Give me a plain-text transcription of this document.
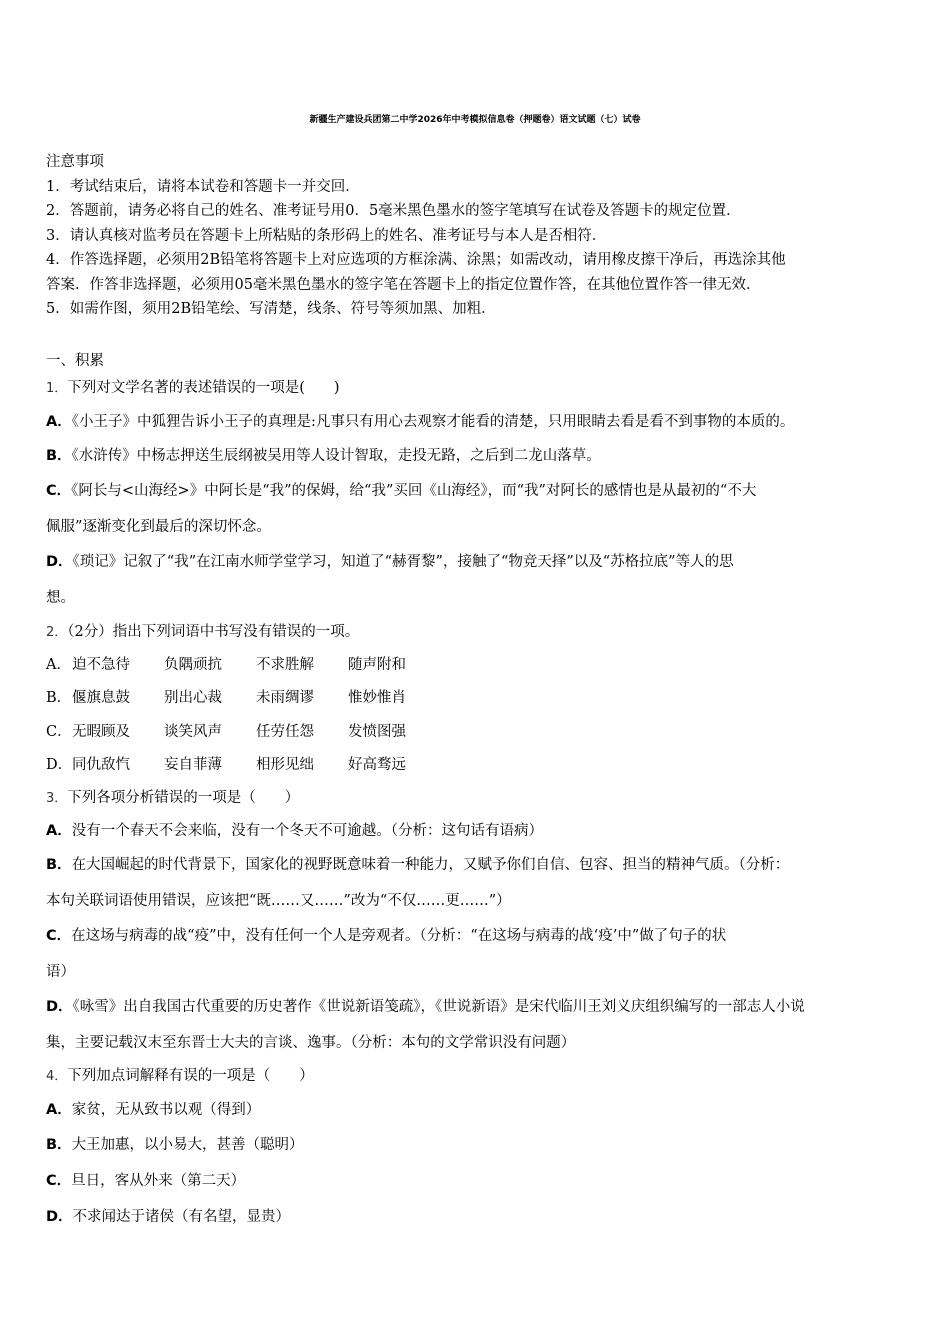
新疆生产建设兵团第二中学2026年中考模拟信息卷（押题卷）语文试题（七）试卷
注意事项
1．考试结束后，请将本试卷和答题卡一并交回．
2．答题前，请务必将自己的姓名、准考证号用0．5毫米黑色墨水的签字笔填写在试卷及答题卡的规定位置．
3．请认真核对监考员在答题卡上所粘贴的条形码上的姓名、准考证号与本人是否相符．
4．作答选择题，必须用2B铅笔将答题卡上对应选项的方框涂满、涂黑；如需改动，请用橡皮擦干净后，再选涂其他
答案．作答非选择题，必须用05毫米黑色墨水的签字笔在答题卡上的指定位置作答，在其他位置作答一律无效．
5．如需作图，须用2B铅笔绘、写清楚，线条、符号等须加黑、加粗．
一、积累
1．下列对文学名著的表述错误的一项是(　　)
A．《小王子》中狐狸告诉小王子的真理是:凡事只有用心去观察才能看的清楚，只用眼睛去看是看不到事物的本质的。
B．《水浒传》中杨志押送生辰纲被吴用等人设计智取，走投无路，之后到二龙山落草。
C．《阿长与<山海经>》中阿长是“我”的保姆，给“我”买回《山海经》，而“我”对阿长的感情也是从最初的“不大
佩服”逐渐变化到最后的深切怀念。
D．《琐记》记叙了“我”在江南水师学堂学习，知道了“赫胥黎”，接触了“物竞天择”以及“苏格拉底”等人的思
想。
2．（2分）指出下列词语中书写没有错误的一项。
A．迫不急待 负隅顽抗 不求胜解 随声附和
B．偃旗息鼓 别出心裁 未雨绸谬 惟妙惟肖
C．无暇顾及 谈笑风声 任劳任怨 发愤图强
D．同仇敌忾 妄自菲薄 相形见绌 好高骛远
3．下列各项分析错误的一项是（　　）
A．没有一个春天不会来临，没有一个冬天不可逾越。（分析：这句话有语病）
B．在大国崛起的时代背景下，国家化的视野既意味着一种能力，又赋予你们自信、包容、担当的精神气质。（分析：
本句关联词语使用错误，应该把“既……又……”改为“不仅……更……”）
C．在这场与病毒的战“疫”中，没有任何一个人是旁观者。（分析：“在这场与病毒的战‘疫’中”做了句子的状
语）
D．《咏雪》出自我国古代重要的历史著作《世说新语笺疏》，《世说新语》是宋代临川王刘义庆组织编写的一部志人小说
集，主要记载汉末至东晋士大夫的言谈、逸事。（分析：本句的文学常识没有问题）
4．下列加点词解释有误的一项是（　　）
A．家贫，无从致书以观（得到）
B．大王加惠，以小易大，甚善（聪明）
C．旦日，客从外来（第二天）
D．不求闻达于诸侯（有名望，显贵）
